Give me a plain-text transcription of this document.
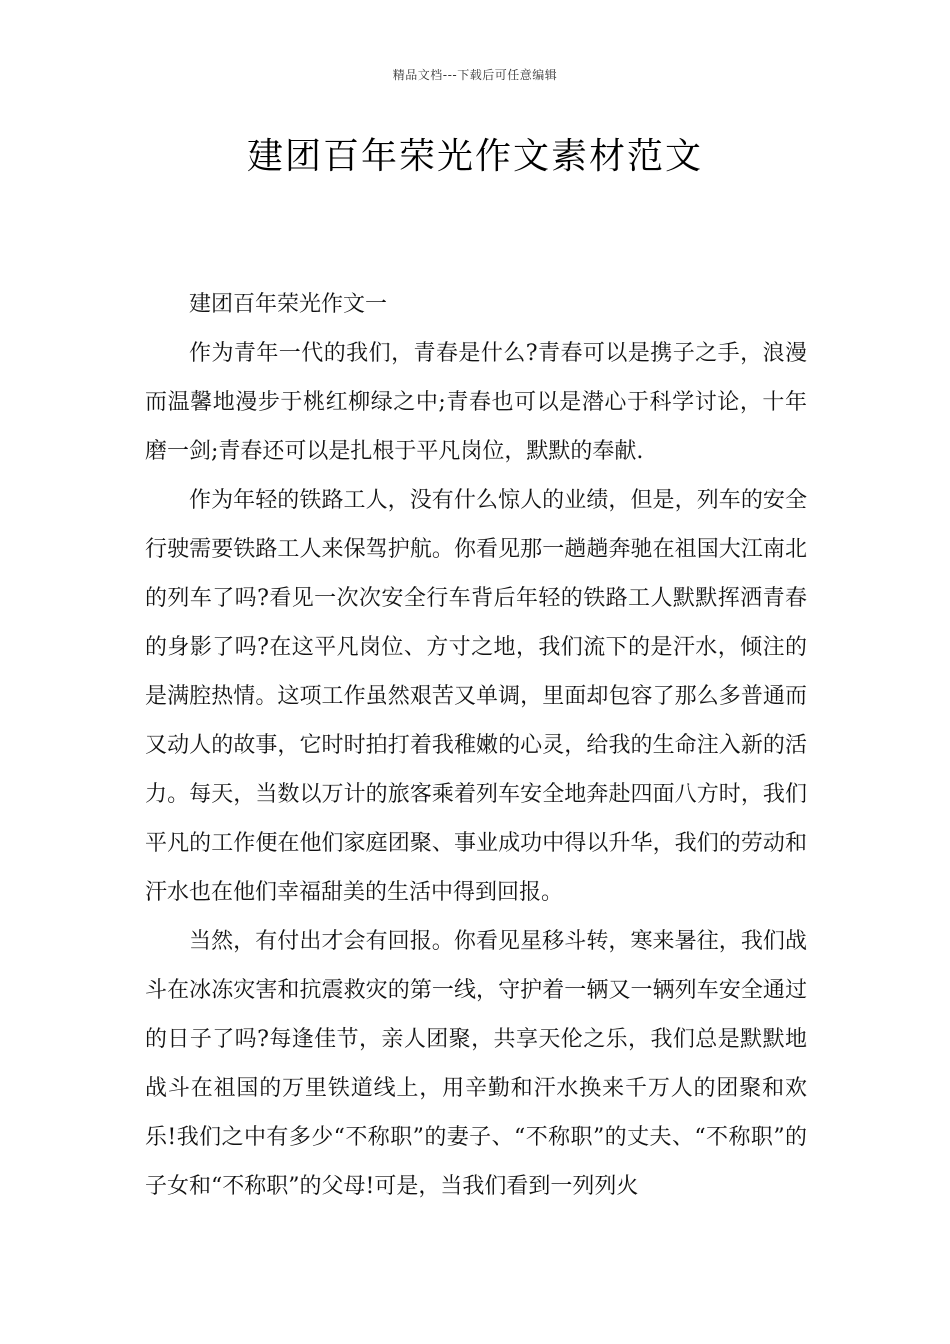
精品文档---下载后可任意编辑
建团百年荣光作文素材范文

建团百年荣光作文一

作为青年一代的我们，青春是什么?青春可以是携子之手，浪漫而温馨地漫步于桃红柳绿之中;青春也可以是潜心于科学讨论，十年磨一剑;青春还可以是扎根于平凡岗位，默默的奉献.

作为年轻的铁路工人，没有什么惊人的业绩，但是，列车的安全行驶需要铁路工人来保驾护航。你看见那一趟趟奔驰在祖国大江南北的列车了吗?看见一次次安全行车背后年轻的铁路工人默默挥洒青春的身影了吗?在这平凡岗位、方寸之地，我们流下的是汗水，倾注的是满腔热情。这项工作虽然艰苦又单调，里面却包容了那么多普通而又动人的故事，它时时拍打着我稚嫩的心灵，给我的生命注入新的活力。每天，当数以万计的旅客乘着列车安全地奔赴四面八方时，我们平凡的工作便在他们家庭团聚、事业成功中得以升华，我们的劳动和汗水也在他们幸福甜美的生活中得到回报。

当然，有付出才会有回报。你看见星移斗转，寒来暑往，我们战斗在冰冻灾害和抗震救灾的第一线，守护着一辆又一辆列车安全通过的日子了吗?每逢佳节，亲人团聚，共享天伦之乐，我们总是默默地战斗在祖国的万里铁道线上，用辛勤和汗水换来千万人的团聚和欢乐!我们之中有多少“不称职”的妻子、“不称职”的丈夫、“不称职”的子女和“不称职”的父母!可是，当我们看到一列列火
